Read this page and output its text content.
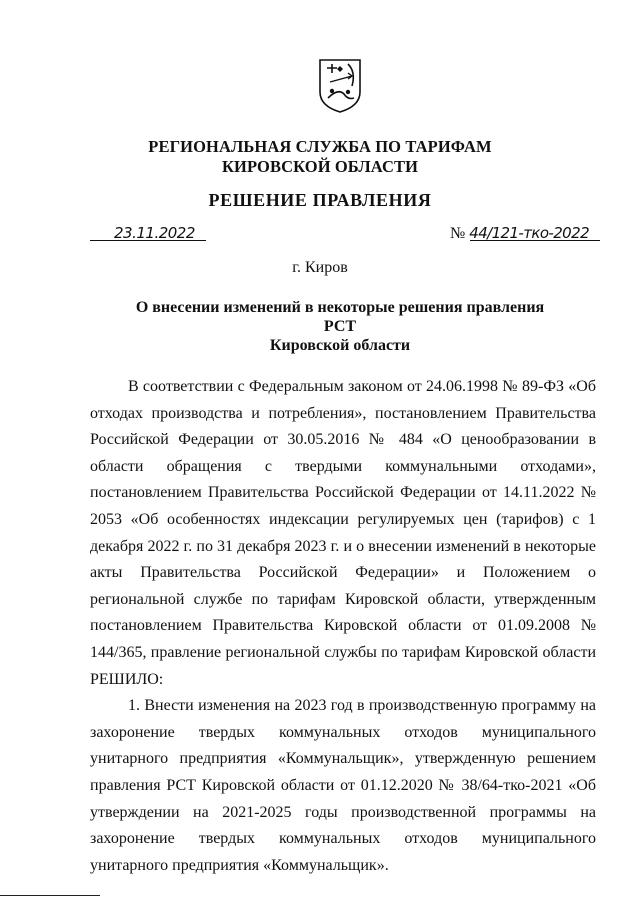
РЕГИОНАЛЬНАЯ СЛУЖБА ПО ТАРИФАМ
КИРОВСКОЙ ОБЛАСТИ
РЕШЕНИЕ ПРАВЛЕНИЯ
23.11.2022	№ 44/121-тко-2022
г. Киров
О внесении изменений в некоторые решения правления РСТ
Кировской области

В соответствии с Федеральным законом от 24.06.1998 № 89-ФЗ «Об отходах производства и потребления», постановлением Правительства Российской Федерации от 30.05.2016 № 484 «О ценообразовании в области обращения с твердыми коммунальными отходами», постановлением Правительства Российской Федерации от 14.11.2022 № 2053 «Об особенностях индексации регулируемых цен (тарифов) с 1 декабря 2022 г. по 31 декабря 2023 г. и о внесении изменений в некоторые акты Правительства Российской Федерации» и Положением о региональной службе по тарифам Кировской области, утвержденным постановлением Правительства Кировской области от 01.09.2008 № 144/365, правление региональной службы по тарифам Кировской области РЕШИЛО:

1. Внести изменения на 2023 год в производственную программу на захоронение твердых коммунальных отходов муниципального унитарного предприятия «Коммунальщик», утвержденную решением правления РСТ Кировской области от 01.12.2020 № 38/64-тко-2021 «Об утверждении на 2021-2025 годы производственной программы на захоронение твердых коммунальных отходов муниципального унитарного предприятия «Коммунальщик».
